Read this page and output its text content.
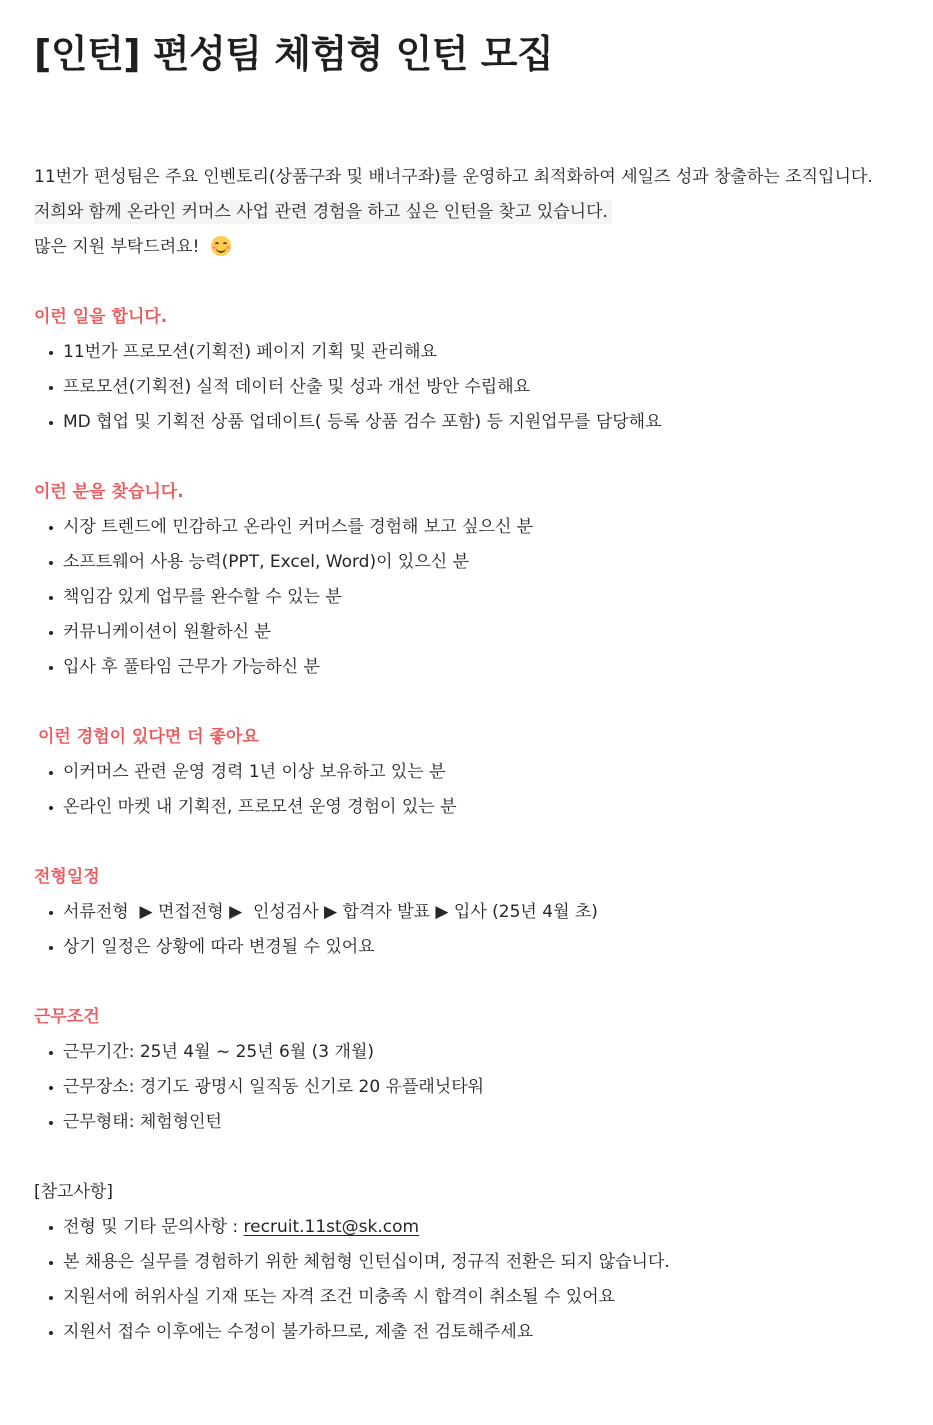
[인턴] 편성팀 체험형 인턴 모집
11번가 편성팀은 주요 인벤토리(상품구좌 및 배너구좌)를 운영하고 최적화하여 세일즈 성과 창출하는 조직입니다.
저희와 함께 온라인 커머스 사업 관련 경험을 하고 싶은 인턴을 찾고 있습니다.
많은 지원 부탁드려요!
이런 일을 합니다.
11번가 프로모션(기획전) 페이지 기획 및 관리해요
프로모션(기획전) 실적 데이터 산출 및 성과 개선 방안 수립해요
MD 협업 및 기획전 상품 업데이트( 등록 상품 검수 포함) 등 지원업무를 담당해요
이런 분을 찾습니다.
시장 트렌드에 민감하고 온라인 커머스를 경험해 보고 싶으신 분
소프트웨어 사용 능력(PPT, Excel, Word)이 있으신 분
책임감 있게 업무를 완수할 수 있는 분
커뮤니케이션이 원활하신 분
입사 후 풀타임 근무가 가능하신 분
이런 경험이 있다면 더 좋아요
이커머스 관련 운영 경력 1년 이상 보유하고 있는 분
온라인 마켓 내 기획전, 프로모션 운영 경험이 있는 분
전형일정
서류전형  ▶ 면접전형 ▶  인성검사 ▶ 합격자 발표 ▶ 입사 (25년 4월 초)
상기 일정은 상황에 따라 변경될 수 있어요
근무조건
근무기간: 25년 4월 ~ 25년 6월 (3 개월)
근무장소: 경기도 광명시 일직동 신기로 20 유플래닛타워
근무형태: 체험형인턴
[참고사항]
전형 및 기타 문의사항 : recruit.11st@sk.com
본 채용은 실무를 경험하기 위한 체험형 인턴십이며, 정규직 전환은 되지 않습니다.
지원서에 허위사실 기재 또는 자격 조건 미충족 시 합격이 취소될 수 있어요
지원서 접수 이후에는 수정이 불가하므로, 제출 전 검토해주세요
